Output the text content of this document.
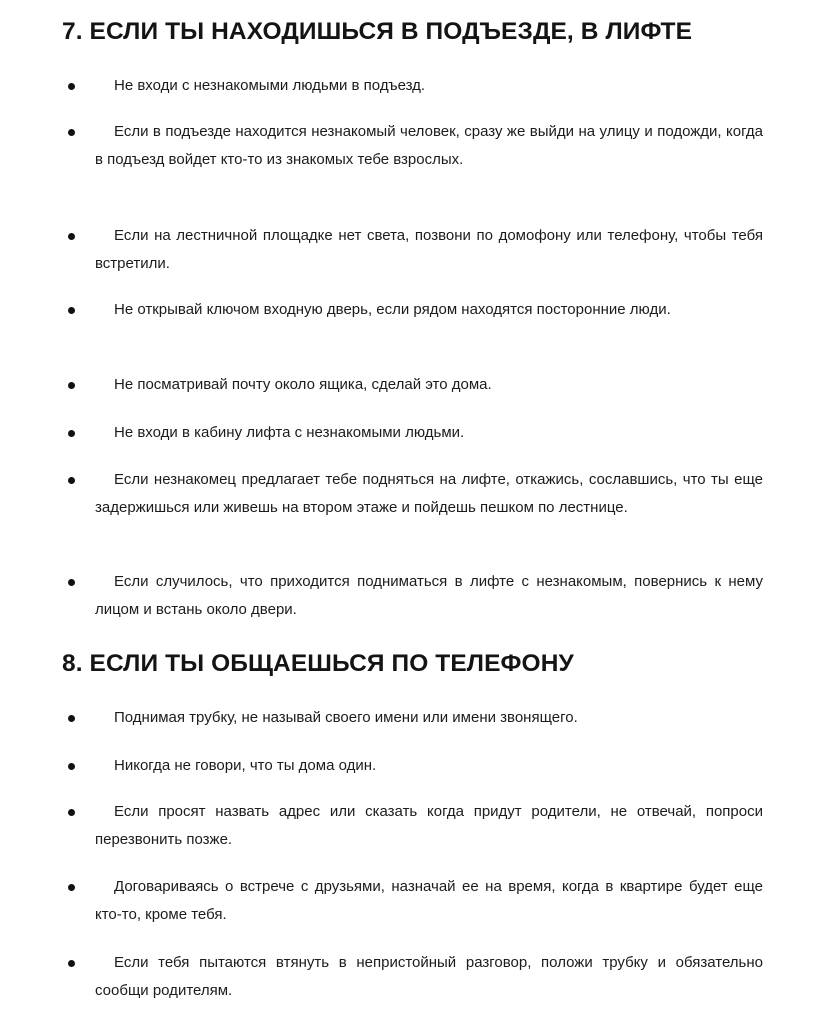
7. ЕСЛИ ТЫ НАХОДИШЬСЯ В ПОДЪЕЗДЕ, В ЛИФТЕ
Не входи с незнакомыми людьми в подъезд.
Если в подъезде находится незнакомый человек, сразу же выйди на улицу и подожди, когда в подъезд войдет кто-то из знакомых тебе взрослых.
Если на лестничной площадке нет света, позвони по домофону или телефону, чтобы тебя встретили.
Не открывай ключом входную дверь, если рядом находятся посторонние люди.
Не посматривай почту около ящика, сделай это дома.
Не входи в кабину лифта с незнакомыми людьми.
Если незнакомец предлагает тебе подняться на лифте, откажись, сославшись, что ты еще задержишься или живешь на втором этаже и пойдешь пешком по лестнице.
Если случилось, что приходится подниматься в лифте с незнакомым, повернись к нему лицом и встань около двери.
8. ЕСЛИ ТЫ ОБЩАЕШЬСЯ ПО ТЕЛЕФОНУ
Поднимая трубку, не называй своего имени или имени звонящего.
Никогда не говори, что ты дома один.
Если просят назвать адрес или сказать когда придут родители, не отвечай, попроси перезвонить позже.
Договариваясь о встрече с друзьями, назначай ее на время, когда в квартире будет еще кто-то, кроме тебя.
Если тебя пытаются втянуть в непристойный разговор, положи трубку и обязательно сообщи родителям.
